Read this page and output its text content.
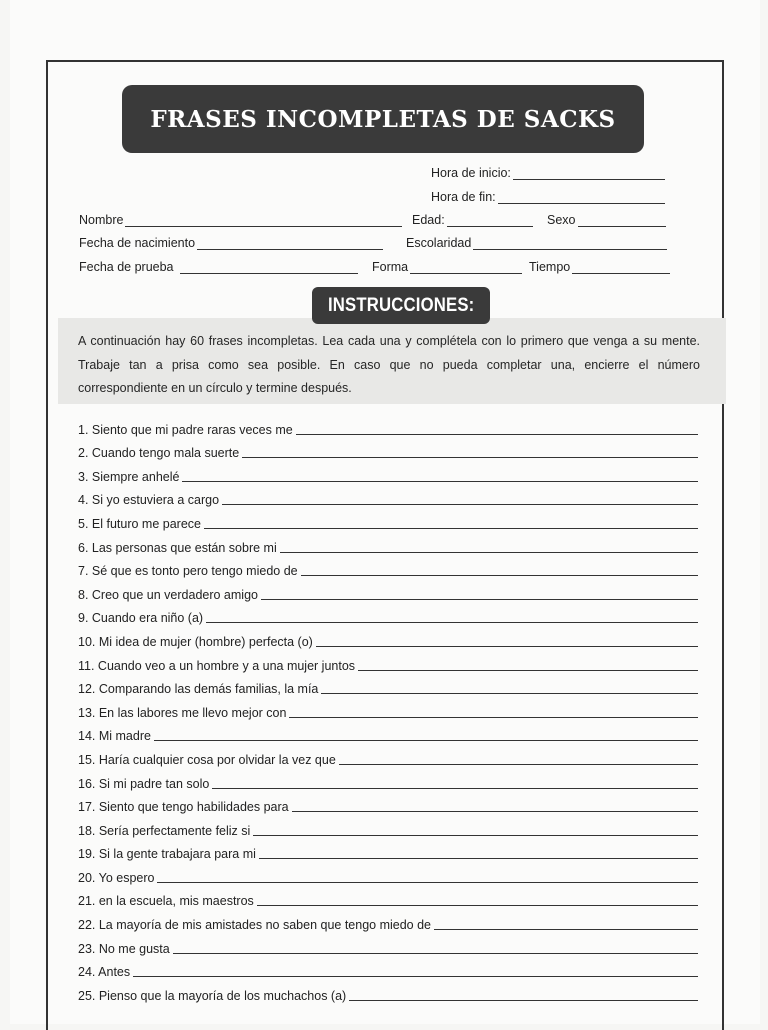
FRASES INCOMPLETAS DE SACKS
Hora de inicio:
Hora de fin:
Nombre	Edad:	Sexo
Fecha de nacimiento	Escolaridad
Fecha de prueba	Forma	Tiempo
INSTRUCCIONES:
A continuación hay 60 frases incompletas. Lea cada una y complétela con lo primero que venga a su mente. Trabaje tan a prisa como sea posible. En caso que no pueda completar una, encierre el número correspondiente en un círculo y termine después.
1. Siento que mi padre raras veces me
2. Cuando tengo mala suerte
3. Siempre anhelé
4. Si yo estuviera a cargo
5. El futuro me parece
6. Las personas que están sobre mi
7. Sé que es tonto pero tengo miedo de
8. Creo que un verdadero amigo
9. Cuando era niño (a)
10. Mi idea de mujer (hombre) perfecta (o)
11. Cuando veo a un hombre y a una mujer juntos
12. Comparando las demás familias, la mía
13. En las labores me llevo mejor con
14. Mi madre
15. Haría cualquier cosa por olvidar la vez que
16. Si mi padre tan solo
17. Siento que tengo habilidades para
18. Sería perfectamente feliz si
19. Si la gente trabajara para mi
20. Yo espero
21. en la escuela, mis maestros
22. La mayoría de mis amistades no saben que tengo miedo de
23. No me gusta
24. Antes
25. Pienso que la mayoría de los muchachos (a)
